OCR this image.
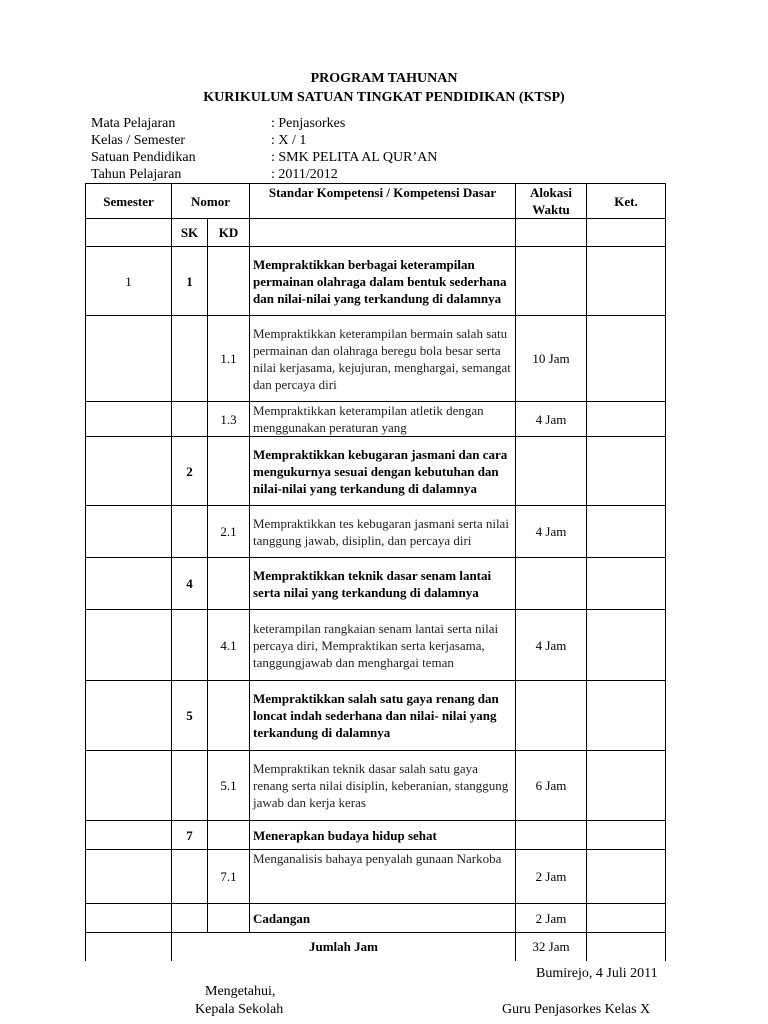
PROGRAM TAHUNAN
KURIKULUM SATUAN TINGKAT PENDIDIKAN (KTSP)
Mata Pelajaran	: Penjasorkes
Kelas / Semester	: X / 1
Satuan Pendidikan	: SMK PELITA AL QUR’AN
Tahun Pelajaran	: 2011/2012
Semester	Nomor		Standar Kompetensi / Kompetensi Dasar	Alokasi Waktu	Ket.
	SK	KD			
1	1		Mempraktikkan berbagai keterampilan permainan olahraga dalam bentuk sederhana dan nilai-nilai yang terkandung di dalamnya		
		1.1	Mempraktikkan keterampilan bermain salah satu permainan dan olahraga beregu bola besar serta nilai kerjasama, kejujuran, menghargai, semangat dan percaya diri	10 Jam	
		1.3	Mempraktikkan keterampilan atletik dengan menggunakan peraturan yang	4 Jam	
	2		Mempraktikkan kebugaran jasmani dan cara mengukurnya sesuai dengan kebutuhan dan nilai-nilai yang terkandung di dalamnya		
		2.1	Mempraktikkan tes kebugaran jasmani serta nilai tanggung jawab, disiplin, dan percaya diri	4 Jam	
	4		Mempraktikkan teknik dasar senam lantai serta nilai yang terkandung di dalamnya		
		4.1	keterampilan rangkaian senam lantai serta nilai percaya diri, Mempraktikan serta kerjasama, tanggungjawab dan menghargai teman	4 Jam	
	5		Mempraktikkan salah satu gaya renang dan loncat indah sederhana dan nilai- nilai yang terkandung di dalamnya		
		5.1	Mempraktikan teknik dasar salah satu gaya renang serta nilai disiplin, keberanian, stanggung jawab dan kerja keras	6 Jam	
	7		Menerapkan budaya hidup sehat		
		7.1	Menganalisis bahaya penyalah gunaan Narkoba	2 Jam	
			Cadangan	2 Jam	
	Jumlah Jam			32 Jam	
Bumirejo, 4 Juli 2011
Mengetahui,
Kepala Sekolah	Guru Penjasorkes Kelas X
